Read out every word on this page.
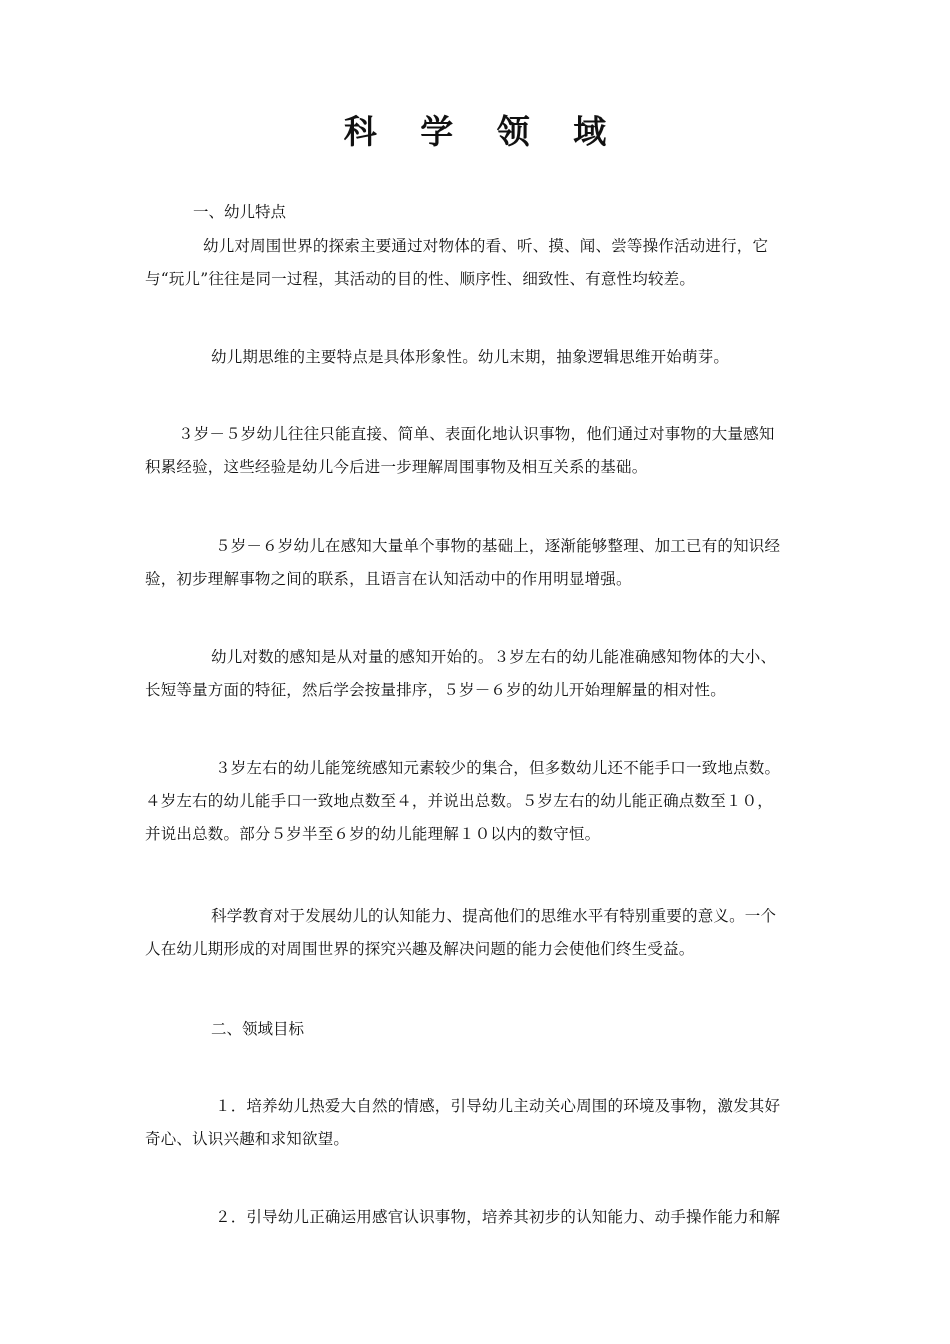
科 学 领 域
一、幼儿特点
幼儿对周围世界的探索主要通过对物体的看、听、摸、闻、尝等操作活动进行，它
与“玩儿”往往是同一过程，其活动的目的性、顺序性、细致性、有意性均较差。
幼儿期思维的主要特点是具体形象性。幼儿末期，抽象逻辑思维开始萌芽。
３岁－５岁幼儿往往只能直接、简单、表面化地认识事物，他们通过对事物的大量感知
积累经验，这些经验是幼儿今后进一步理解周围事物及相互关系的基础。
５岁－６岁幼儿在感知大量单个事物的基础上，逐渐能够整理、加工已有的知识经
验，初步理解事物之间的联系，且语言在认知活动中的作用明显增强。
幼儿对数的感知是从对量的感知开始的。３岁左右的幼儿能准确感知物体的大小、
长短等量方面的特征，然后学会按量排序，５岁－６岁的幼儿开始理解量的相对性。
３岁左右的幼儿能笼统感知元素较少的集合，但多数幼儿还不能手口一致地点数。
４岁左右的幼儿能手口一致地点数至４，并说出总数。５岁左右的幼儿能正确点数至１０，
并说出总数。部分５岁半至６岁的幼儿能理解１０以内的数守恒。
科学教育对于发展幼儿的认知能力、提高他们的思维水平有特别重要的意义。一个
人在幼儿期形成的对周围世界的探究兴趣及解决问题的能力会使他们终生受益。
二、领域目标
１．培养幼儿热爱大自然的情感，引导幼儿主动关心周围的环境及事物，激发其好
奇心、认识兴趣和求知欲望。
２．引导幼儿正确运用感官认识事物，培养其初步的认知能力、动手操作能力和解
